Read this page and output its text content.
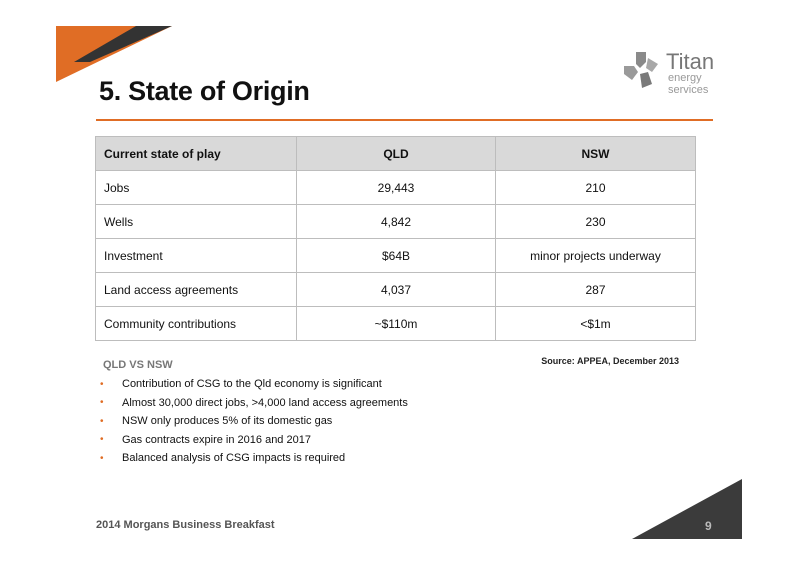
5. State of Origin
Titan
energy
services
Current state of play	QLD	NSW
Jobs	29,443	210
Wells	4,842	230
Investment	$64B	minor projects underway
Land access agreements	4,037	287
Community contributions	~$110m	<$1m
QLD VS NSW	Source: APPEA, December 2013
•	Contribution of CSG to the Qld economy is significant
•	Almost 30,000 direct jobs, >4,000 land access agreements
•	NSW only produces 5% of its domestic gas
•	Gas contracts expire in 2016 and 2017
•	Balanced analysis of CSG impacts is required
2014 Morgans Business Breakfast	9
